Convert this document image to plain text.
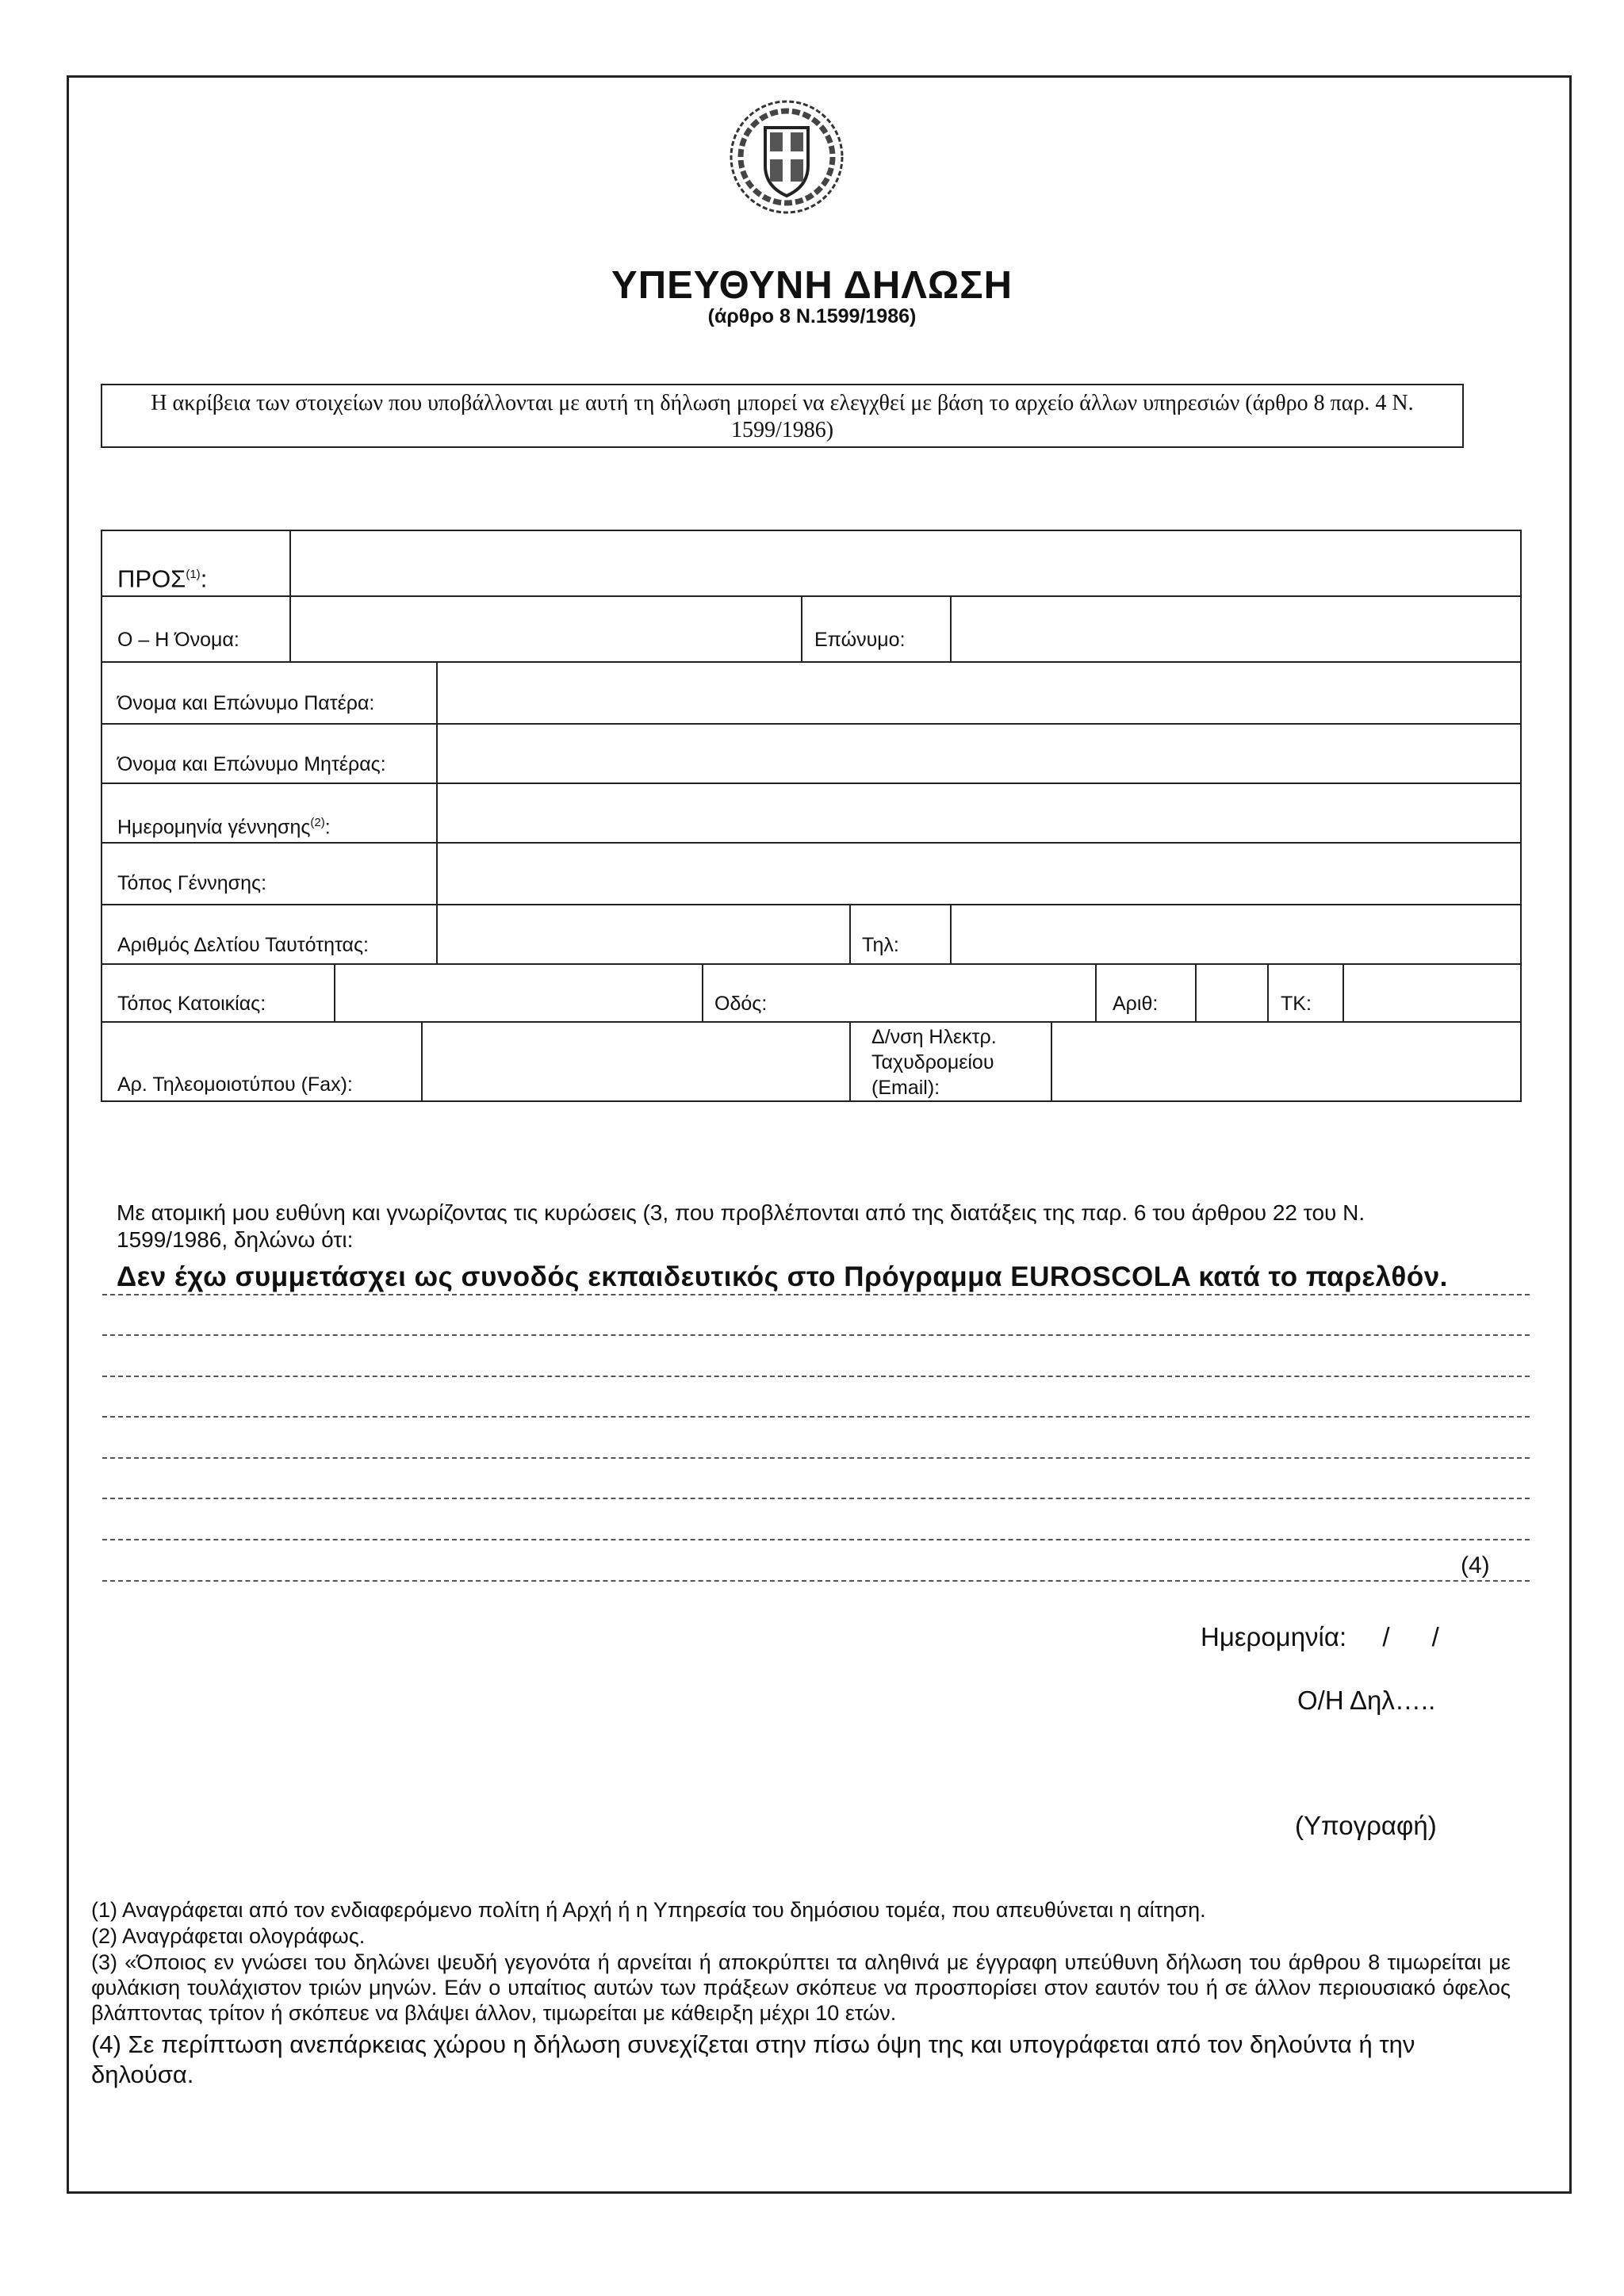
ΥΠΕΥΘΥΝΗ ΔΗΛΩΣΗ
(άρθρο 8 Ν.1599/1986)
Η ακρίβεια των στοιχείων που υποβάλλονται με αυτή τη δήλωση μπορεί να ελεγχθεί με βάση το αρχείο άλλων υπηρεσιών (άρθρο 8 παρ. 4 Ν. 1599/1986)
ΠΡΟΣ$^{(1)}$:
Ο – Η Όνομα:	Επώνυμο:
Όνομα και Επώνυμο Πατέρα:
Όνομα και Επώνυμο Μητέρας:
Ημερομηνία γέννησης$^{(2)}$:
Τόπος Γέννησης:
Αριθμός Δελτίου Ταυτότητας:	Τηλ:
Τόπος Κατοικίας:	Οδός:	Αριθ:	ΤΚ:
Αρ. Τηλεομοιοτύπου (Fax):
Δ/νση Ηλεκτρ.
Ταχυδρομείου
(Email):
Με ατομική μου ευθύνη και γνωρίζοντας τις κυρώσεις (3, που προβλέπονται από της διατάξεις της παρ. 6 του άρθρου 22 του Ν. 1599/1986, δηλώνω ότι:
Δεν έχω συμμετάσχει ως συνοδός εκπαιδευτικός στο Πρόγραμμα EUROSCOLA κατά το παρελθόν.
(4)
Ημερομηνία: / /
Ο/Η Δηλ…..
(Υπογραφή)
(1) Αναγράφεται από τον ενδιαφερόμενο πολίτη ή Αρχή ή η Υπηρεσία του δημόσιου τομέα, που απευθύνεται η αίτηση.
(2) Αναγράφεται ολογράφως.
(3) «Όποιος εν γνώσει του δηλώνει ψευδή γεγονότα ή αρνείται ή αποκρύπτει τα αληθινά με έγγραφη υπεύθυνη δήλωση του άρθρου 8 τιμωρείται με φυλάκιση τουλάχιστον τριών μηνών. Εάν ο υπαίτιος αυτών των πράξεων σκόπευε να προσπορίσει στον εαυτόν του ή σε άλλον περιουσιακό όφελος βλάπτοντας τρίτον ή σκόπευε να βλάψει άλλον, τιμωρείται με κάθειρξη μέχρι 10 ετών.
(4) Σε περίπτωση ανεπάρκειας χώρου η δήλωση συνεχίζεται στην πίσω όψη της και υπογράφεται από τον δηλούντα ή την δηλούσα.
